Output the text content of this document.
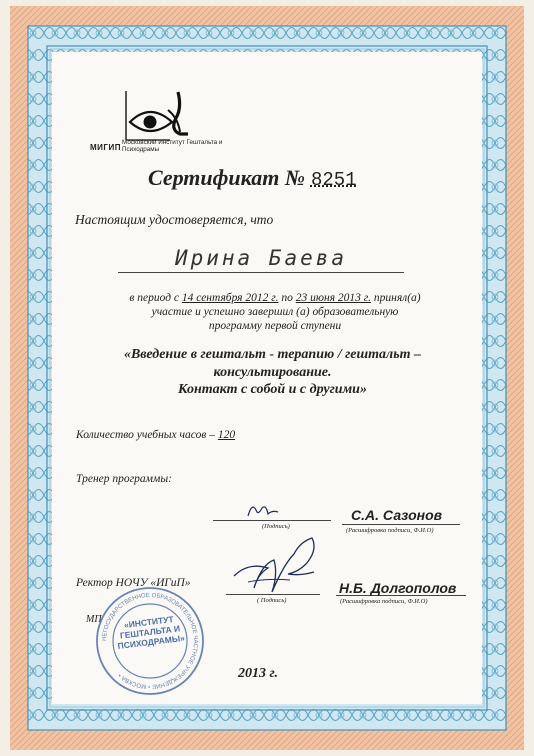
МИГИП
Московский Институт Гештальта и Психодрамы
Сертификат № 8251
Настоящим удостоверяется, что
Ирина Баева
в период с 14 сентября 2012 г. по 23 июня 2013 г. принял(а)
участие и успешно завершил (а) образовательную
программу первой ступени
«Введение в гештальт - терапию / гештальт –
консультирование.
Контакт с собой и с другими»
Количество учебных часов – 120
Тренер программы:
(Подпись)
С.А. Сазонов
(Расшифровка подписи, Ф.И.О)
Ректор НОЧУ «ИГиП»
( Подпись)
Н.Б. Долгополов
(Расшифровка подписи, Ф.И.О)
МП
НЕГОСУДАРСТВЕННОЕ ОБРАЗОВАТЕЛЬНОЕ ЧАСТНОЕ УЧРЕЖДЕНИЕ • МОСКВА •
«ИНСТИТУТ ГЕШТАЛЬТА И ПСИХОДРАМЫ»
2013 г.
